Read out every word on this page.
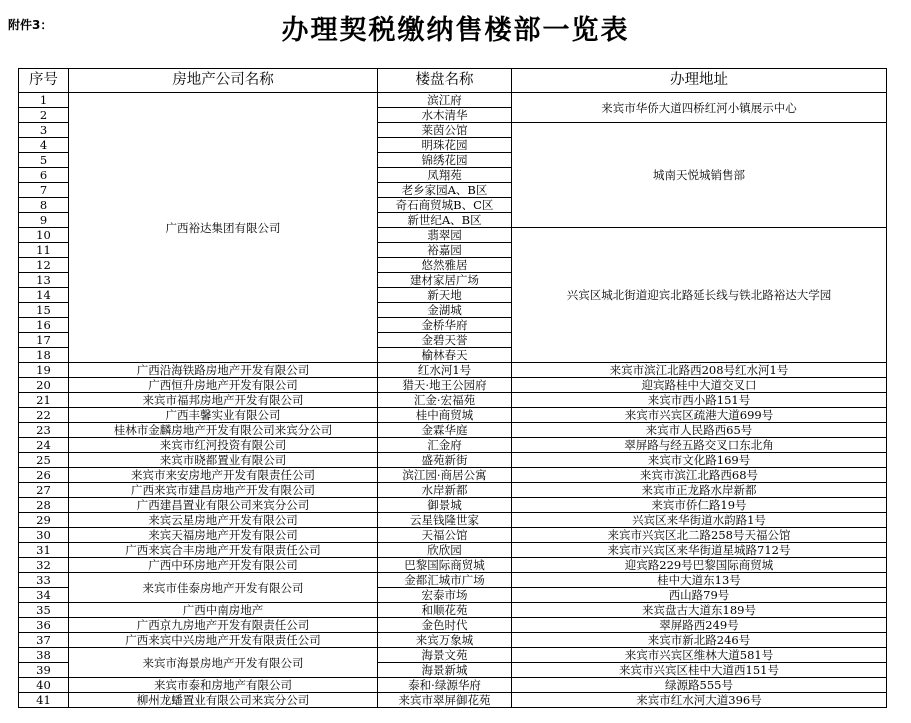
附件3：	办理契税缴纳售楼部一览表
序号	房地产公司名称	楼盘名称	办理地址
1	广西裕达集团有限公司	滨江府	来宾市华侨大道四桥红河小镇展示中心
2		水木清华	
3		莱茵公馆	城南天悦城销售部
4		明珠花园	
5		锦绣花园	
6		凤翔苑	
7		老乡家园A、B区	
8		奇石商贸城B、C区	
9		新世纪A、B区	
10		翡翠园	兴宾区城北街道迎宾北路延长线与铁北路裕达大学园
11		裕嘉园	
12		悠然雅居	
13		建材家居广场	
14		新天地	
15		金湖城	
16		金桥华府	
17		金碧天誉	
18		榆林春天	
19	广西沿海铁路房地产开发有限公司	红水河1号	来宾市滨江北路西208号红水河1号
20	广西恒升房地产开发有限公司	猎天·地王公园府	迎宾路桂中大道交叉口
21	来宾市福邦房地产开发有限公司	汇金·宏福苑	来宾市西小路151号
22	广西丰馨实业有限公司	桂中商贸城	来宾市兴宾区疏港大道699号
23	桂林市金麟房地产开发有限公司来宾分公司	金霖华庭	来宾市人民路西65号
24	来宾市红河投资有限公司	汇金府	翠屏路与经五路交叉口东北角
25	来宾市晓都置业有限公司	盛苑新街	来宾市文化路169号
26	来宾市来安房地产开发有限责任公司	滨江园·商居公寓	来宾市滨江北路西68号
27	广西来宾市建昌房地产开发有限公司	水岸新都	来宾市正龙路水岸新都
28	广西建昌置业有限公司来宾分公司	御景城	来宾市侨仁路19号
29	来宾云星房地产开发有限公司	云星钱隆世家	兴宾区来华街道水韵路1号
30	来宾天福房地产开发有限公司	天福公馆	来宾市兴宾区北二路258号天福公馆
31	广西来宾合丰房地产开发有限责任公司	欣欣园	来宾市兴宾区来华街道星城路712号
32	广西中环房地产开发有限公司	巴黎国际商贸城	迎宾路229号巴黎国际商贸城
33	来宾市佳泰房地产开发有限公司	金都汇城市广场	桂中大道东13号
34		宏泰市场	西山路79号
35	广西中南房地产	和顺花苑	来宾盘古大道东189号
36	广西京九房地产开发有限责任公司	金色时代	翠屏路西249号
37	广西来宾中兴房地产开发有限责任公司	来宾万象城	来宾市新北路246号
38	来宾市海景房地产开发有限公司	海景文苑	来宾市兴宾区维林大道581号
39		海景新城	来宾市兴宾区桂中大道西151号
40	来宾市泰和房地产有限公司	泰和·绿源华府	绿源路555号
41	柳州龙蟠置业有限公司来宾分公司	来宾市翠屏御花苑	来宾市红水河大道396号
